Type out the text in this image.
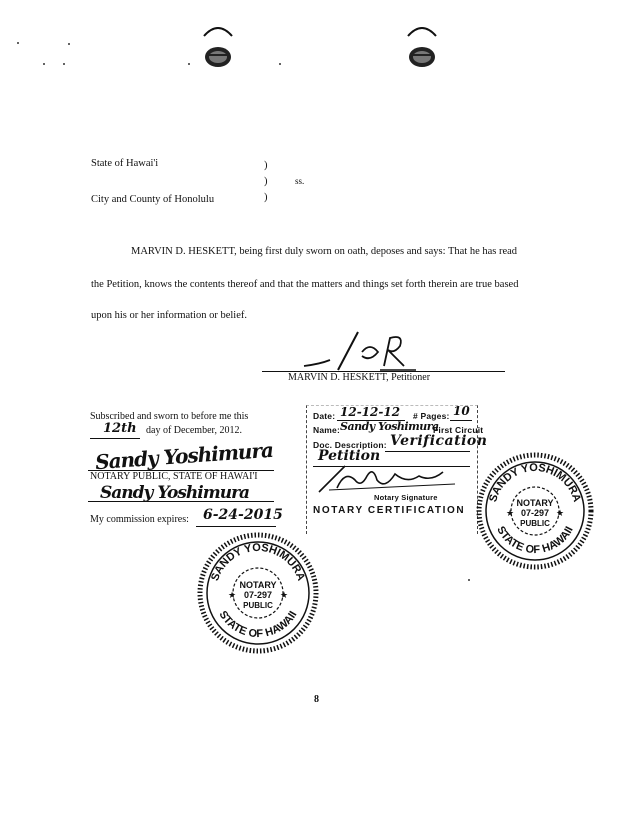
State of Hawai'i
City and County of Honolulu
)
)
)
ss.
MARVIN D. HESKETT, being first duly sworn on oath, deposes and says: That he has read
the Petition, knows the contents thereof and that the matters and things set forth therein are true based
upon his or her information or belief.
MARVIN D. HESKETT, Petitioner
Subscribed and sworn to before me this
12th day of December, 2012.
Sandy Yoshimura
NOTARY PUBLIC, STATE OF HAWAI'I
Sandy Yoshimura
My commission expires: 6-24-2015
Date: 12-12-12 # Pages: 10
Name: Sandy Yoshimura
First Circuit
Doc. Description: Verification
Petition
Notary Signature
NOTARY CERTIFICATION
SANDY YOSHIMURA
STATE OF HAWAII
NOTARY
07-297
PUBLIC
★	★
SANDY YOSHIMURA
STATE OF HAWAII
NOTARY
07-297
PUBLIC
★	★
8
